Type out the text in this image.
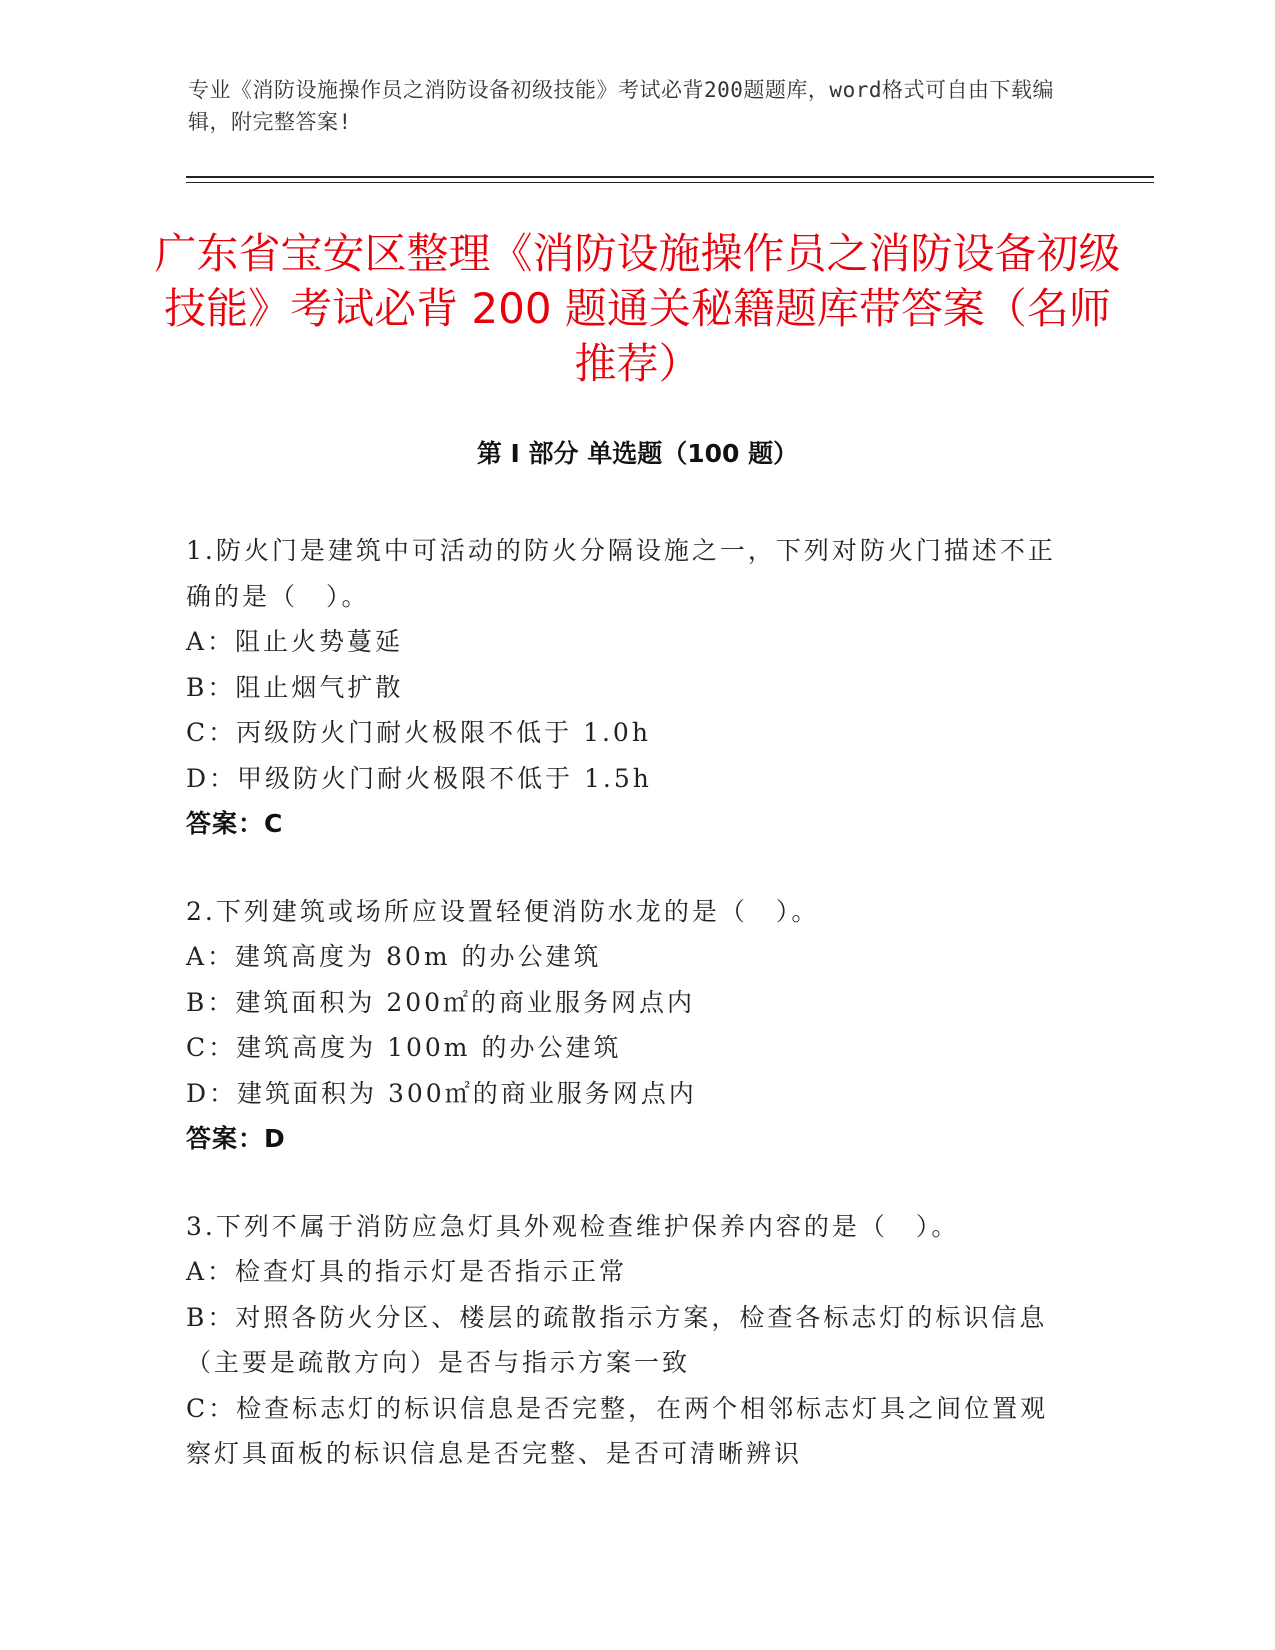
专业《消防设施操作员之消防设备初级技能》考试必背200题题库，word格式可自由下载编辑，附完整答案!
广东省宝安区整理《消防设施操作员之消防设备初级技能》考试必背 200 题通关秘籍题库带答案（名师推荐）
第 I 部分 单选题（100 题）
1.防火门是建筑中可活动的防火分隔设施之一，下列对防火门描述不正确的是（　）。
A：阻止火势蔓延
B：阻止烟气扩散
C：丙级防火门耐火极限不低于 1.0h
D：甲级防火门耐火极限不低于 1.5h
答案：C
2.下列建筑或场所应设置轻便消防水龙的是（　）。
A：建筑高度为 80m 的办公建筑
B：建筑面积为 200㎡的商业服务网点内
C：建筑高度为 100m 的办公建筑
D：建筑面积为 300㎡的商业服务网点内
答案：D
3.下列不属于消防应急灯具外观检查维护保养内容的是（　）。
A：检查灯具的指示灯是否指示正常
B：对照各防火分区、楼层的疏散指示方案，检查各标志灯的标识信息（主要是疏散方向）是否与指示方案一致
C：检查标志灯的标识信息是否完整，在两个相邻标志灯具之间位置观察灯具面板的标识信息是否完整、是否可清晰辨识
